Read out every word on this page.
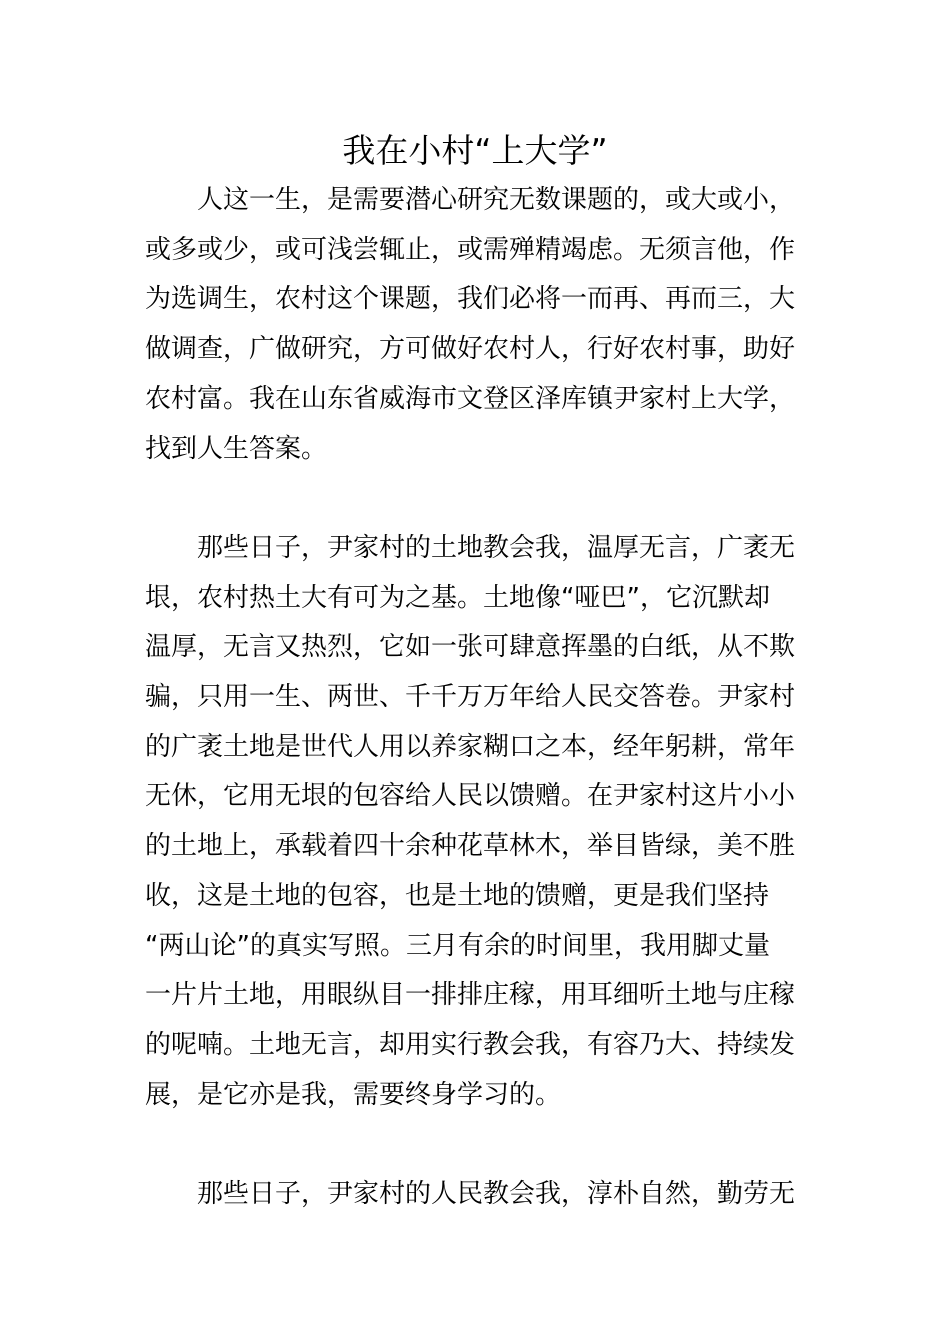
我在小村“上大学”
人这一生，是需要潜心研究无数课题的，或大或小，
或多或少，或可浅尝辄止，或需殚精竭虑。无须言他，作
为选调生，农村这个课题，我们必将一而再、再而三，大
做调查，广做研究，方可做好农村人，行好农村事，助好
农村富。我在山东省威海市文登区泽库镇尹家村上大学，
找到人生答案。
那些日子，尹家村的土地教会我，温厚无言，广袤无
垠，农村热土大有可为之基。土地像“哑巴”，它沉默却
温厚，无言又热烈，它如一张可肆意挥墨的白纸，从不欺
骗，只用一生、两世、千千万万年给人民交答卷。尹家村
的广袤土地是世代人用以养家糊口之本，经年躬耕，常年
无休，它用无垠的包容给人民以馈赠。在尹家村这片小小
的土地上，承载着四十余种花草林木，举目皆绿，美不胜
收，这是土地的包容，也是土地的馈赠，更是我们坚持
“两山论”的真实写照。三月有余的时间里，我用脚丈量
一片片土地，用眼纵目一排排庄稼，用耳细听土地与庄稼
的呢喃。土地无言，却用实行教会我，有容乃大、持续发
展，是它亦是我，需要终身学习的。
那些日子，尹家村的人民教会我，淳朴自然，勤劳无
